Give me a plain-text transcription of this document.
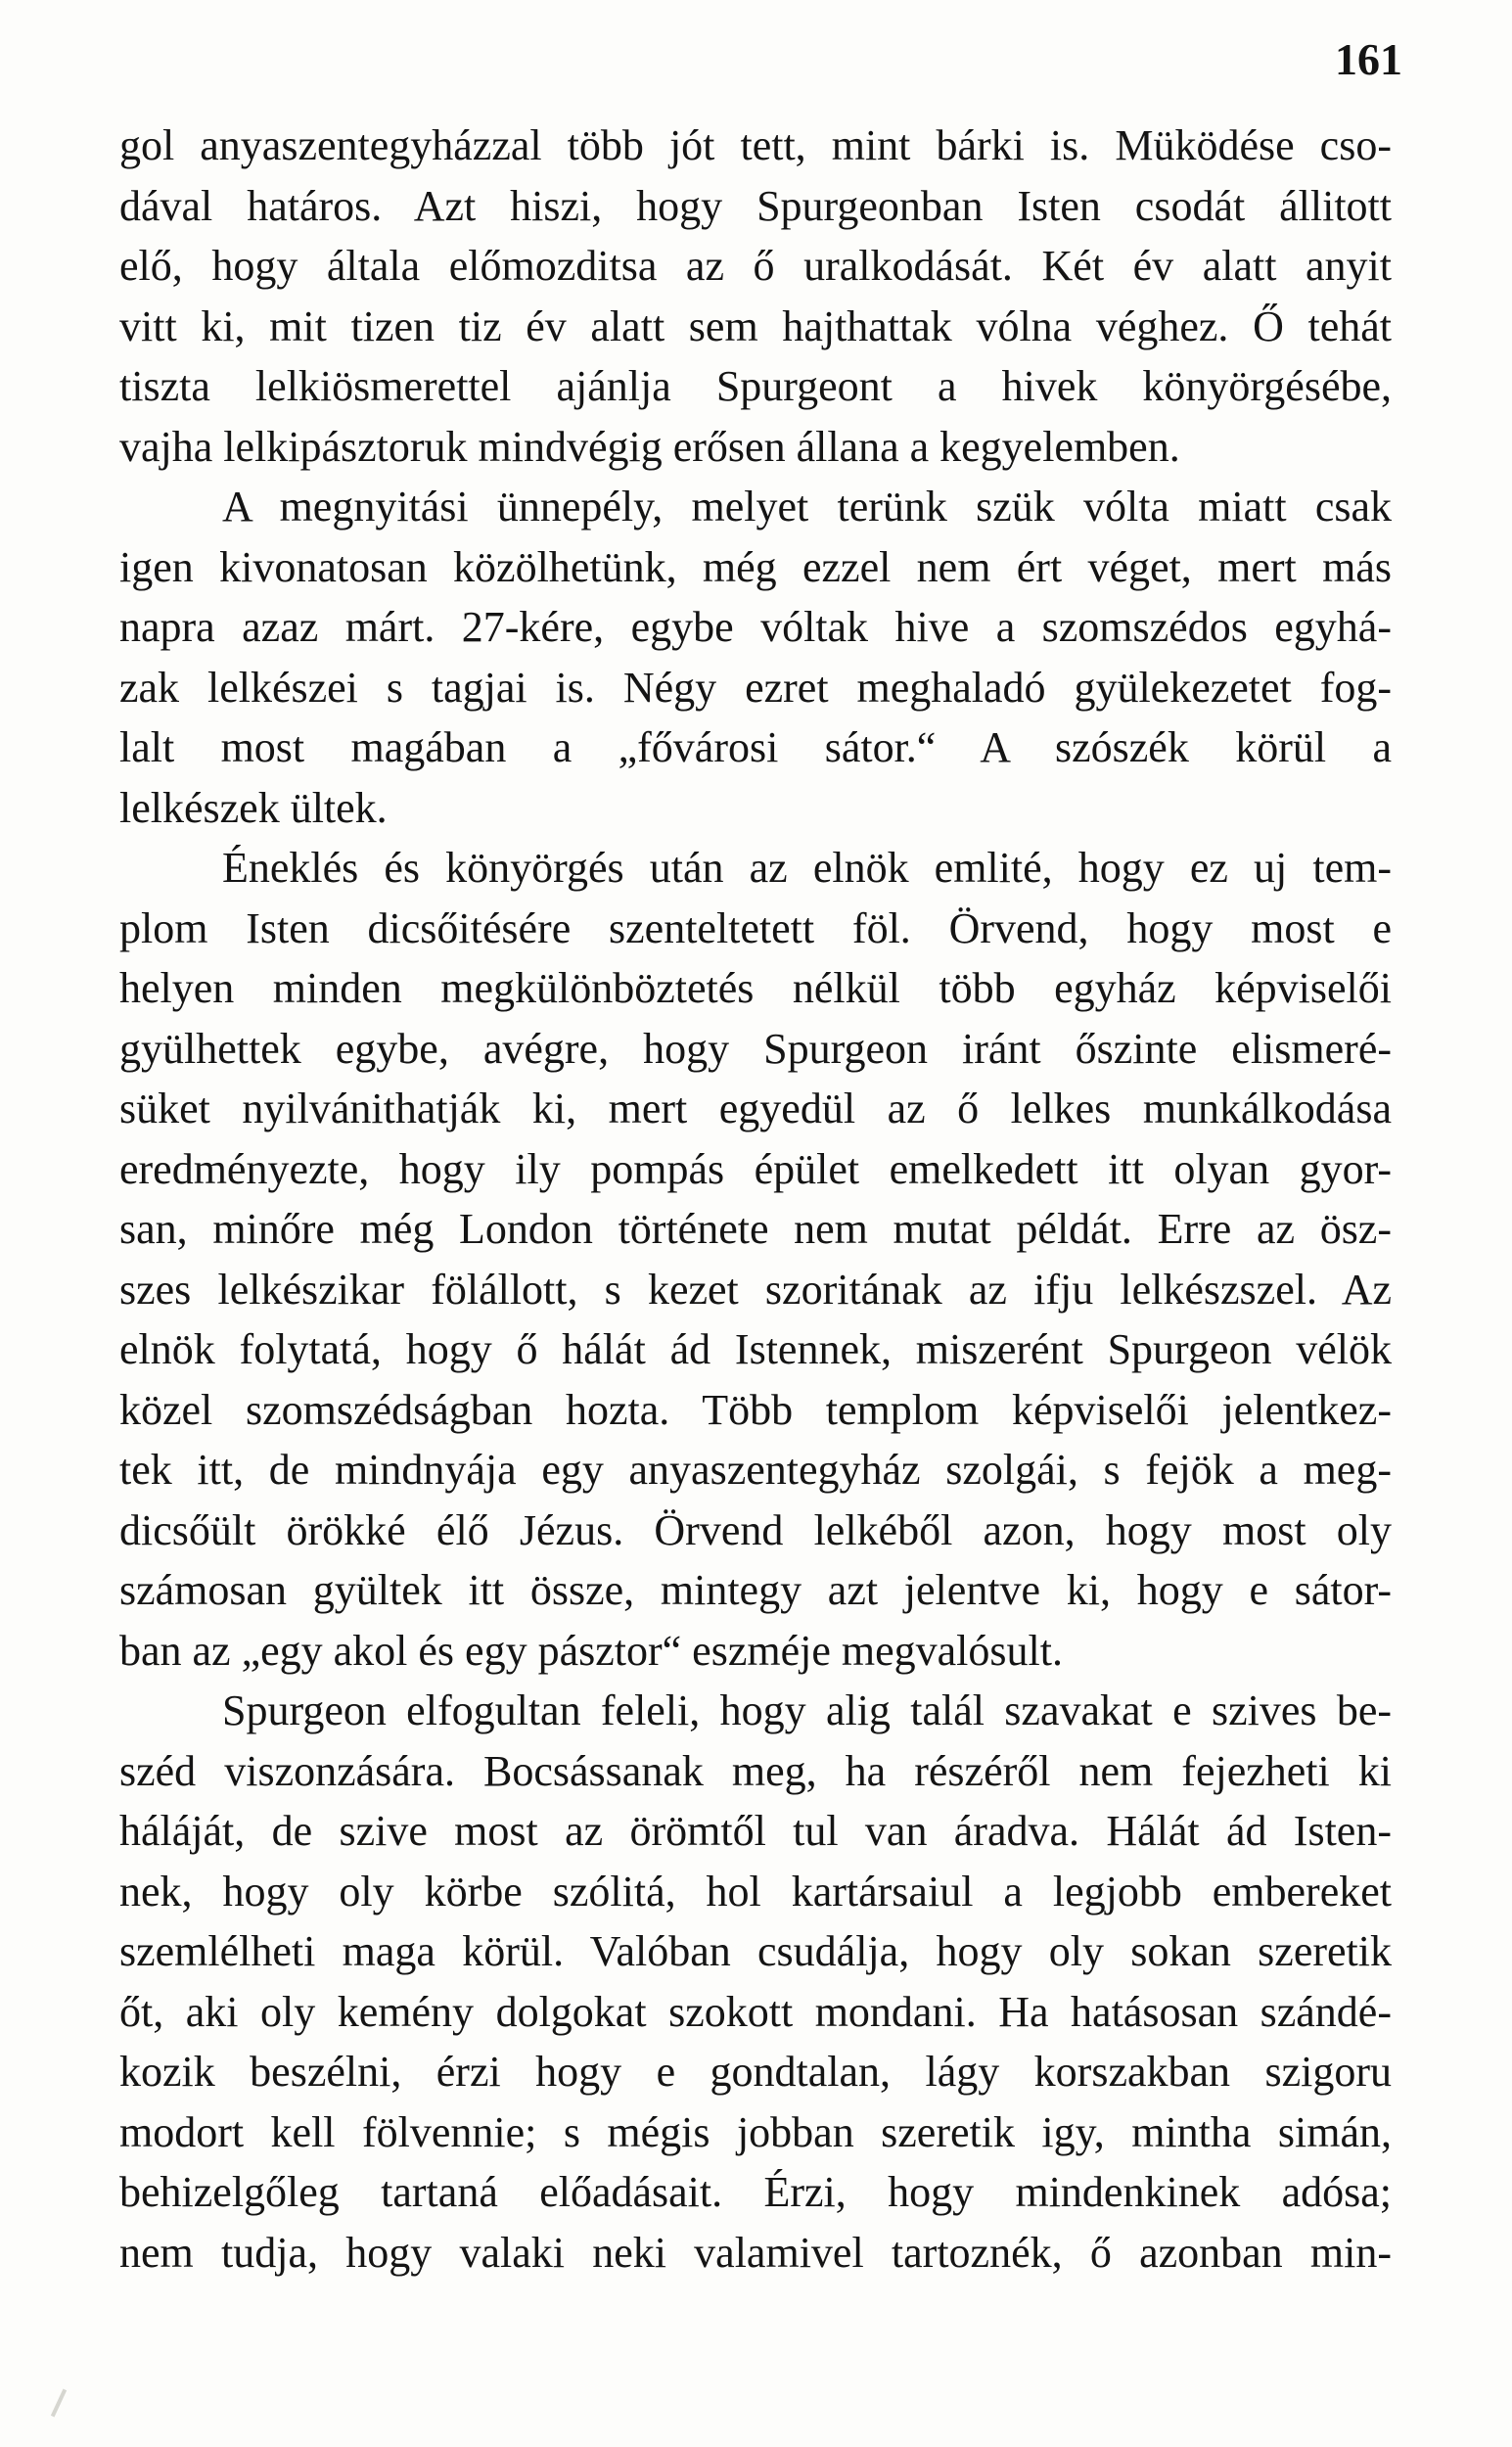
161
gol anyaszentegyházzal több jót tett, mint bárki is. Müködése cso-
dával határos. Azt hiszi, hogy Spurgeonban Isten csodát állitott
elő, hogy általa előmozditsa az ő uralkodását. Két év alatt anyit
vitt ki, mit tizen tiz év alatt sem hajthattak vólna véghez. Ő tehát
tiszta lelkiösmerettel ajánlja Spurgeont a hivek könyörgésébe,
vajha lelkipásztoruk mindvégig erősen állana a kegyelemben.
A megnyitási ünnepély, melyet terünk szük vólta miatt csak
igen kivonatosan közölhetünk, még ezzel nem ért véget, mert más
napra azaz márt. 27-kére, egybe vóltak hive a szomszédos egyhá-
zak lelkészei s tagjai is. Négy ezret meghaladó gyülekezetet fog-
lalt most magában a „fővárosi sátor.“ A szószék körül a
lelkészek ültek.
Éneklés és könyörgés után az elnök emlité, hogy ez uj tem-
plom Isten dicsőitésére szenteltetett föl. Örvend, hogy most e
helyen minden megkülönböztetés nélkül több egyház képviselői
gyülhettek egybe, avégre, hogy Spurgeon iránt őszinte elismeré-
süket nyilvánithatják ki, mert egyedül az ő lelkes munkálkodása
eredményezte, hogy ily pompás épület emelkedett itt olyan gyor-
san, minőre még London története nem mutat példát. Erre az ösz-
szes lelkészikar fölállott, s kezet szoritának az ifju lelkészszel. Az
elnök folytatá, hogy ő hálát ád Istennek, miszerént Spurgeon vélök
közel szomszédságban hozta. Több templom képviselői jelentkez-
tek itt, de mindnyája egy anyaszentegyház szolgái, s fejök a meg-
dicsőült örökké élő Jézus. Örvend lelkéből azon, hogy most oly
számosan gyültek itt össze, mintegy azt jelentve ki, hogy e sátor-
ban az „egy akol és egy pásztor“ eszméje megvalósult.
Spurgeon elfogultan feleli, hogy alig talál szavakat e szives be-
széd viszonzására. Bocsássanak meg, ha részéről nem fejezheti ki
háláját, de szive most az örömtől tul van áradva. Hálát ád Isten-
nek, hogy oly körbe szólitá, hol kartársaiul a legjobb embereket
szemlélheti maga körül. Valóban csudálja, hogy oly sokan szeretik
őt, aki oly kemény dolgokat szokott mondani. Ha hatásosan szándé-
kozik beszélni, érzi hogy e gondtalan, lágy korszakban szigoru
modort kell fölvennie; s mégis jobban szeretik igy, mintha simán,
behizelgőleg tartaná előadásait. Érzi, hogy mindenkinek adósa;
nem tudja, hogy valaki neki valamivel tartoznék, ő azonban min-
